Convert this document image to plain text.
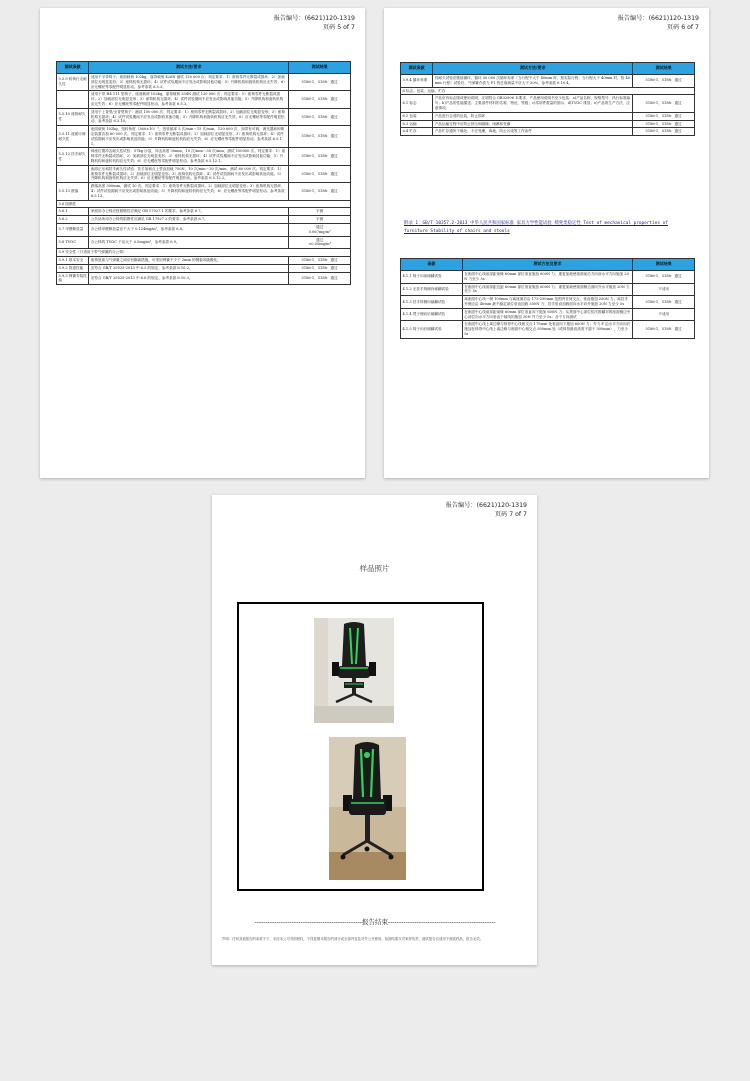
报告编号：(6621)120-1319
页码 5 of 7
测试条款	测试方法/要求	测试结果
5.5.9 转椅行走耐久性	适用于平带椅子，座面载荷 102kg，靠背载荷 426N 测试 120 000 次；判定要求：1）座椅零件无断裂或损坏；2）加载部位无明显变形；3）座椅机构无损坏；4）试件试验期间不应发出或影响其他功能；5）升降机构和旋转机构应无失效；6）应无螺丝等零配件明显松动。参考条款 6.5.3。	5186-1、5188：通过
	适用于带 H4 111 型椅子，座面载荷 102kg，靠背载荷 334N 测试 120 000 次；判定要求：1）座椅零件无断裂或损坏；2）加载部位无明显变形；3）座椅机构无损坏；4）试件试验期间不应发出或影响其他功能；5）升降机构和旋转机构应无失效；6）应无螺丝等零配件明显松动。参考条款 6.5.3。	5186-1、5188：通过
5.5.10 座椅耐久性	适用于上背型/全背型椅子：测试 100 000 次；判定要求：1）座椅零件无断裂或损坏；2）加载部位无明显变形；3）座椅机构无损坏；4）试件试验期间不应发出或影响其他功能；5）升降机构和旋转机构应无失效；6）应无螺丝等零配件明显松动。参考条款 6.5.10。	5186-1、5188：通过
5.5.11 座面可调耐久性	座面载荷 102kg，扭转角度（360±10）°，扭转频率 5 次/min～15 次/min，120 000 次，如带有可调、调光器和和锁定装置各加 60 000 次。判定要求：1）座椅零件无断裂或损坏；2）加载部位无明显变形；3）座椅机构无损坏；4）试件试验期间不应发出或影响其他功能；5）升降机构和旋转机构应无失效；6）应无螺丝等零配件明显松动。参考条款 6.5.11。	5186-1、5188：通过
5.5.12 扶手耐久性	椅座位置冲击耐久性试验：57kg 沙袋，冲击高度 30mm，10 次/min～30 次/min，测试 100000 次。判定要求：1）座椅零件无断裂或损坏；2）加载部位无明显变形；3）座椅机构无损坏；4）试件试验期间不应发出或影响其他功能；5）升降机构和旋转机构应无失效；6）应无螺丝等零配件明显松动。参考条款 6.5.12.1。	5186-1、5188：通过
	座面正压和扶手耐久性试验：扶手加载点上竖直加载 750N，10 次/min～30 次/min，测试 60 000 次。判定要求：1）座椅零件无断裂或损坏；2）加载部位无明显变形；3）座椅机构无损坏；4）试件试验期间不应发出或影响其他功能；5）升降机构和旋转机构应无失效；6）应无螺丝等零配件明显松动。参考条款 6.5.12.2。	5186-1、5188：通过
5.5.13 跌落	跌落高度 300mm，测试 10 次。判定要求：1）座椅零件无断裂或损坏；2）加载部位无明显变形；3）座椅机构无损坏；4）试件试验期间不应发出或影响其他功能；5）升降机构和旋转机构应无失效；6）应无螺丝等零配件明显松动。参考条款 6.5.13。	5186-1、5188：通过
5.6 阻燃性		
5.6.1	家庭用办公椅应按照燃性应满足 GB 17927.1 的要求，参考条款 6.7。	不测
5.6.2	公共场所用办公椅的阻燃性应满足 GB 17927.2 的要求，参考条款 6.7。	不测
5.7 甲醛释放量	办公椅甲醛释放量应不大于 0.124mg/m³，参考条款 6.8。	通过
0.067mg/m³
5.8 TVOC	办公椅的 TVOC 不应大于 0.5mg/m³，参考条款 6.9。	通过
<0.05mg/m³
5.9 安全性（只适用于带气弹簧的办公椅）		
5.9.1 基本安全	座椅底座与气弹簧之间应有隔离措施，可采用弹簧不少于 2mm 的钢板或硫酸化。	5186-1、5188：通过
5.9.2 管道性能	应符合 GB/T 29525-2013 中 6.5 的规定，参考条款 6.10.2。	5186-1、5188：通过
5.9.3 弹簧安装性能	应符合 GB/T 29525-2013 中 6.6 的规定，参考条款 6.10.3。	5186-1、5188：通过
报告编号：(6621)120-1319
页码 6 of 7
测试条款	测试方法/要求	测试结果
5.9.4 循环寿命	经耐久试验后继续循环，循环 50 000 次循环寿命（当行程不大于 40mm 时，按实际行程；当行程大于 40mm 时，按 40mm 行程）试验后，气弹簧介质力 F1 的总衰减量不应大于 20%，参考条款 6.10.4。	5186-1、5188：通过
6 标志、包装、运输、贮存		
6.1 标志	产品应有标志图或使用说明，注明符合 GB32906 本要求，产品使用说明书至少包括：a)产品名称、规格型号、执行标准编号；b)产品的性能描述；主要部件材料的名称、特征、等级；c)零部件数量的图示；d)TVOC 排放；e)产品的生产方法、注意事项。	5186-1、5188：通过
6.2 包装	产品进行合适的包装，防止损坏	5186-1、5188：通过
6.3 运输	产品运输过程中应防止挤压和碰撞，雨淋和受潮	5186-1、5188：通过
6.4 贮存	产品贮存通风干燥处，不应受潮，离地、防止污染等工作条件	5186-1、5188：通过
附录 1：GB/T 10357.2-2013 中华人民共和国家标准 家具力学性能试验 椅凳类稳定性 Test of mechanical properties of furniture Stability of chairs and stools
条款	测试方法及要求	测试结果
4.1.1 椅子向前倾翻试验	在座面中心线前部距前缘 60mm 部位垂直施加 600N 力；重复加载使座面前后方向前水平方向施加 20N 力至少 5s	5186-1、5188：通过
4.1.2 无扶手椅侧向倾翻试验	在座面中心线前部距边距 60mm 部位垂直施加 600N 力；重复加载使座面侧边面向外水平施加 20N 力至少 5s	不适用
4.1.3 扶手椅侧向倾翻试验	离座面中心线一侧 100mm 与离座面后沿 175-250mm 范围内任何交点，垂直施加 250N 力；离扶手外侧边沿 40mm 最不稳定部位垂直加载 350N 力；扶手垂直加载面向水平向外施加 20N 力至少 5s	5186-1、5188：通过
4.1.4 凳子侧向后倾翻试验	在座面中心线前部距前缘 60mm 部位垂直向下施加 600N 力；从凳面中心部位依次推翻对的座面侧边中心部位向水平方向垂直于轴线的施加 20N 外力至少 5s；各个方向测试	不适用
4.1.5 椅子向后倾翻试验	在座面中心线上离边缘与椅背中心线相交点 175mm 处垂直向下施加 600N 力；外力 F 沿水平方向向后施加在椅背中心线上离边缘与座面中心相交点 300mm 处（或椅背最高高度不超于 300mm），力至少 5s	5186-1、5188：通过
报告编号：(6621)120-1319
页码 7 of 7
样品照片
-------------------------------------------------报告结束-------------------------------------------------
声明：任何其他报告的条款不下，未经本公司书面授权，不得复制本报告的部分或全部内容及对外公开使用。检测结果仅对来样负责，测试报告仅适用于测试样品，报告无效。
